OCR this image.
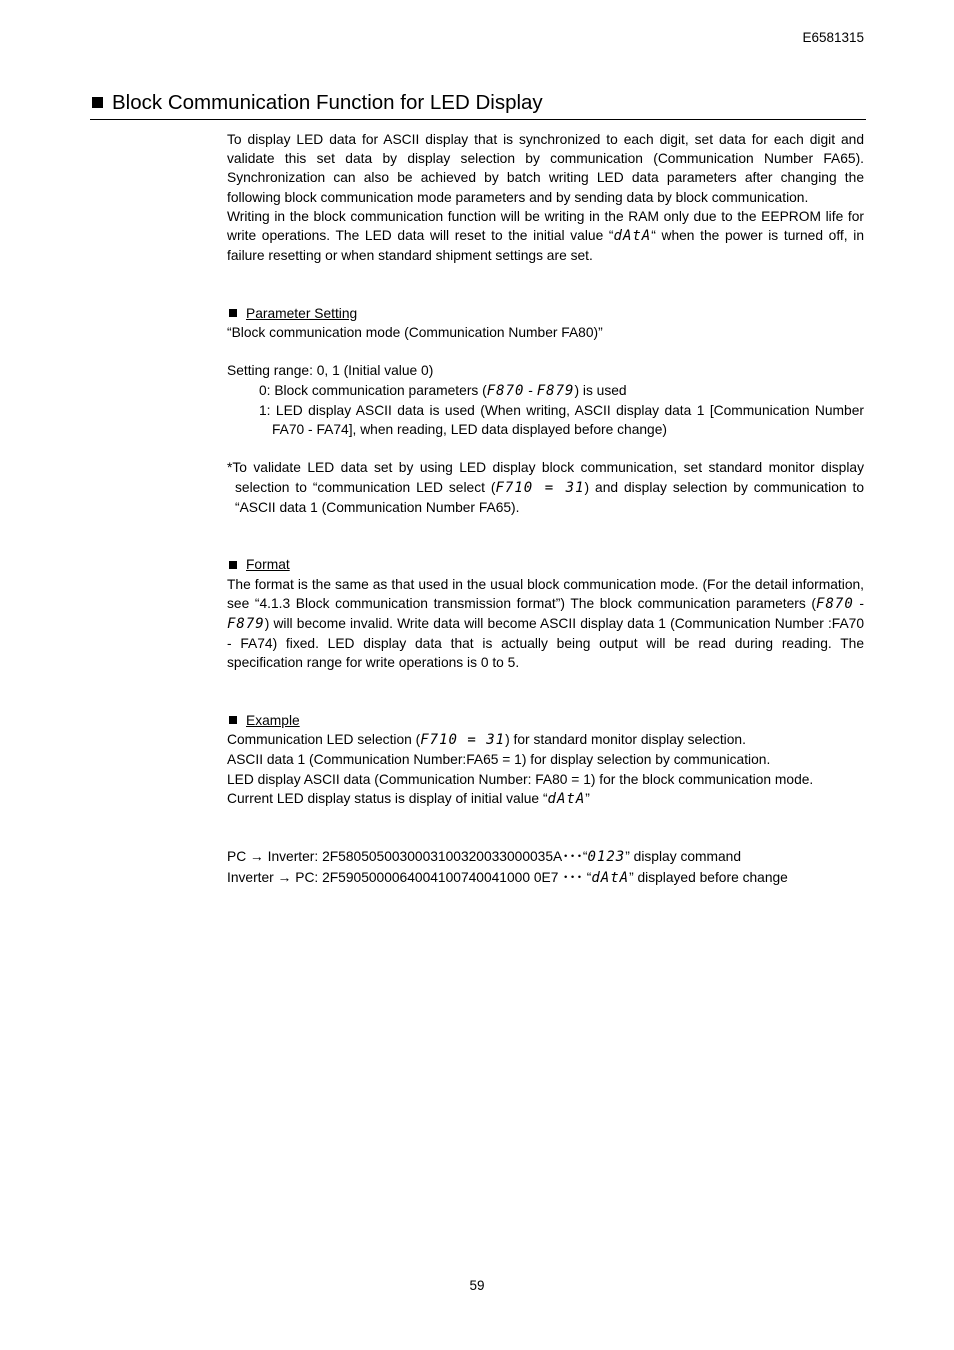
E6581315
Block Communication Function for LED Display

To display LED data for ASCII display that is synchronized to each digit, set data for each digit and validate this set data by display selection by communication (Communication Number FA65). Synchronization can also be achieved by batch writing LED data parameters after changing the following block communication mode parameters and by sending data by block communication.

Writing in the block communication function will be writing in the RAM only due to the EEPROM life for write operations. The LED data will reset to the initial value “dAtA“ when the power is turned off, in failure resetting or when standard shipment settings are set.

Parameter Setting

“Block communication mode (Communication Number FA80)”

Setting range: 0, 1 (Initial value 0)

0: Block communication parameters (F870 - F879) is used

1: LED display ASCII data is used (When writing, ASCII display data 1 [Communication Number FA70 - FA74], when reading, LED data displayed before change)

*To validate LED data set by using LED display block communication, set standard monitor display selection to “communication LED select (F710 = 31) and display selection by communication to “ASCII data 1 (Communication Number FA65).

Format

The format is the same as that used in the usual block communication mode. (For the detail information, see “4.1.3 Block communication transmission format”) The block communication parameters (F870 - F879) will become invalid. Write data will become ASCII display data 1 (Communication Number :FA70 - FA74) fixed. LED display data that is actually being output will be read during reading. The specification range for write operations is 0 to 5.

Example

Communication LED selection (F710 = 31) for standard monitor display selection.

ASCII data 1 (Communication Number:FA65 = 1) for display selection by communication.

LED display ASCII data (Communication Number: FA80 = 1) for the block communication mode.

Current LED display status is display of initial value “dAtA”

PC → Inverter: 2F5805050030003100320033000035A･･･“0123” display command

Inverter → PC: 2F5905000064004100740041000 0E7 ･･･ “dAtA” displayed before change

59
